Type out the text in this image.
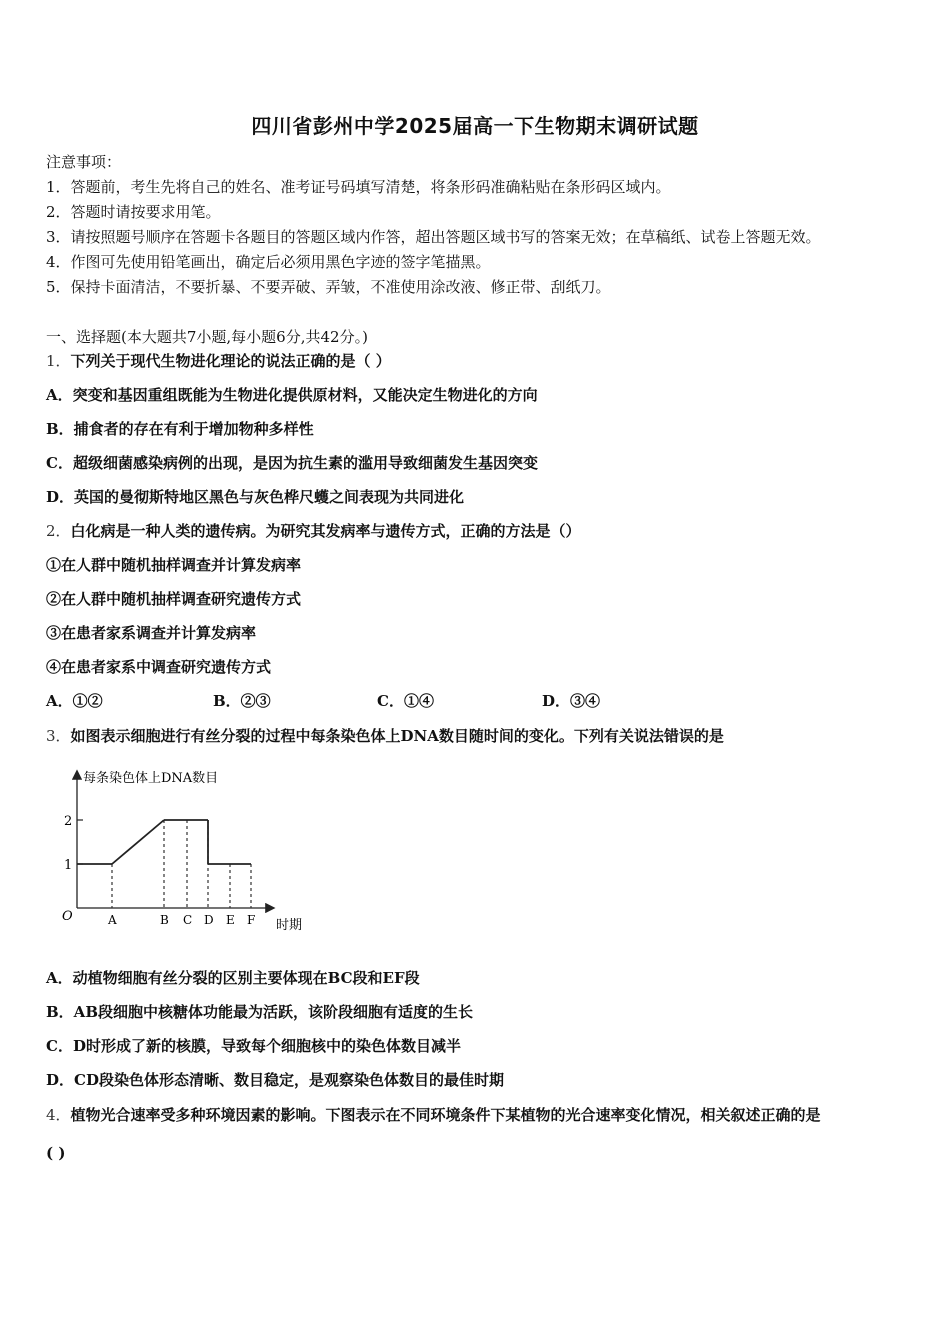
四川省彭州中学2025届高一下生物期末调研试题
注意事项：
1．答题前，考生先将自己的姓名、准考证号码填写清楚，将条形码准确粘贴在条形码区域内。
2．答题时请按要求用笔。
3．请按照题号顺序在答题卡各题目的答题区域内作答，超出答题区域书写的答案无效；在草稿纸、试卷上答题无效。
4．作图可先使用铅笔画出，确定后必须用黑色字迹的签字笔描黑。
5．保持卡面清洁，不要折暴、不要弄破、弄皱，不准使用涂改液、修正带、刮纸刀。
一、选择题(本大题共7小题,每小题6分,共42分。)
1．下列关于现代生物进化理论的说法正确的是（ ）
A．突变和基因重组既能为生物进化提供原材料，又能决定生物进化的方向
B．捕食者的存在有利于增加物种多样性
C．超级细菌感染病例的出现，是因为抗生素的滥用导致细菌发生基因突变
D．英国的曼彻斯特地区黑色与灰色桦尺蠖之间表现为共同进化
2．白化病是一种人类的遗传病。为研究其发病率与遗传方式，正确的方法是（）
①在人群中随机抽样调查并计算发病率
②在人群中随机抽样调查研究遗传方式
③在患者家系调查并计算发病率
④在患者家系中调查研究遗传方式
A．①②	B．②③	C．①④	D．③④
3．如图表示细胞进行有丝分裂的过程中每条染色体上DNA数目随时间的变化。下列有关说法错误的是
每条染色体上DNA数目
时期
1
2
O	A	B C D E F
A．动植物细胞有丝分裂的区别主要体现在BC段和EF段
B．AB段细胞中核糖体功能最为活跃，该阶段细胞有适度的生长
C．D时形成了新的核膜，导致每个细胞核中的染色体数目减半
D．CD段染色体形态清晰、数目稳定，是观察染色体数目的最佳时期
4．植物光合速率受多种环境因素的影响。下图表示在不同环境条件下某植物的光合速率变化情况，相关叙述正确的是
( )
